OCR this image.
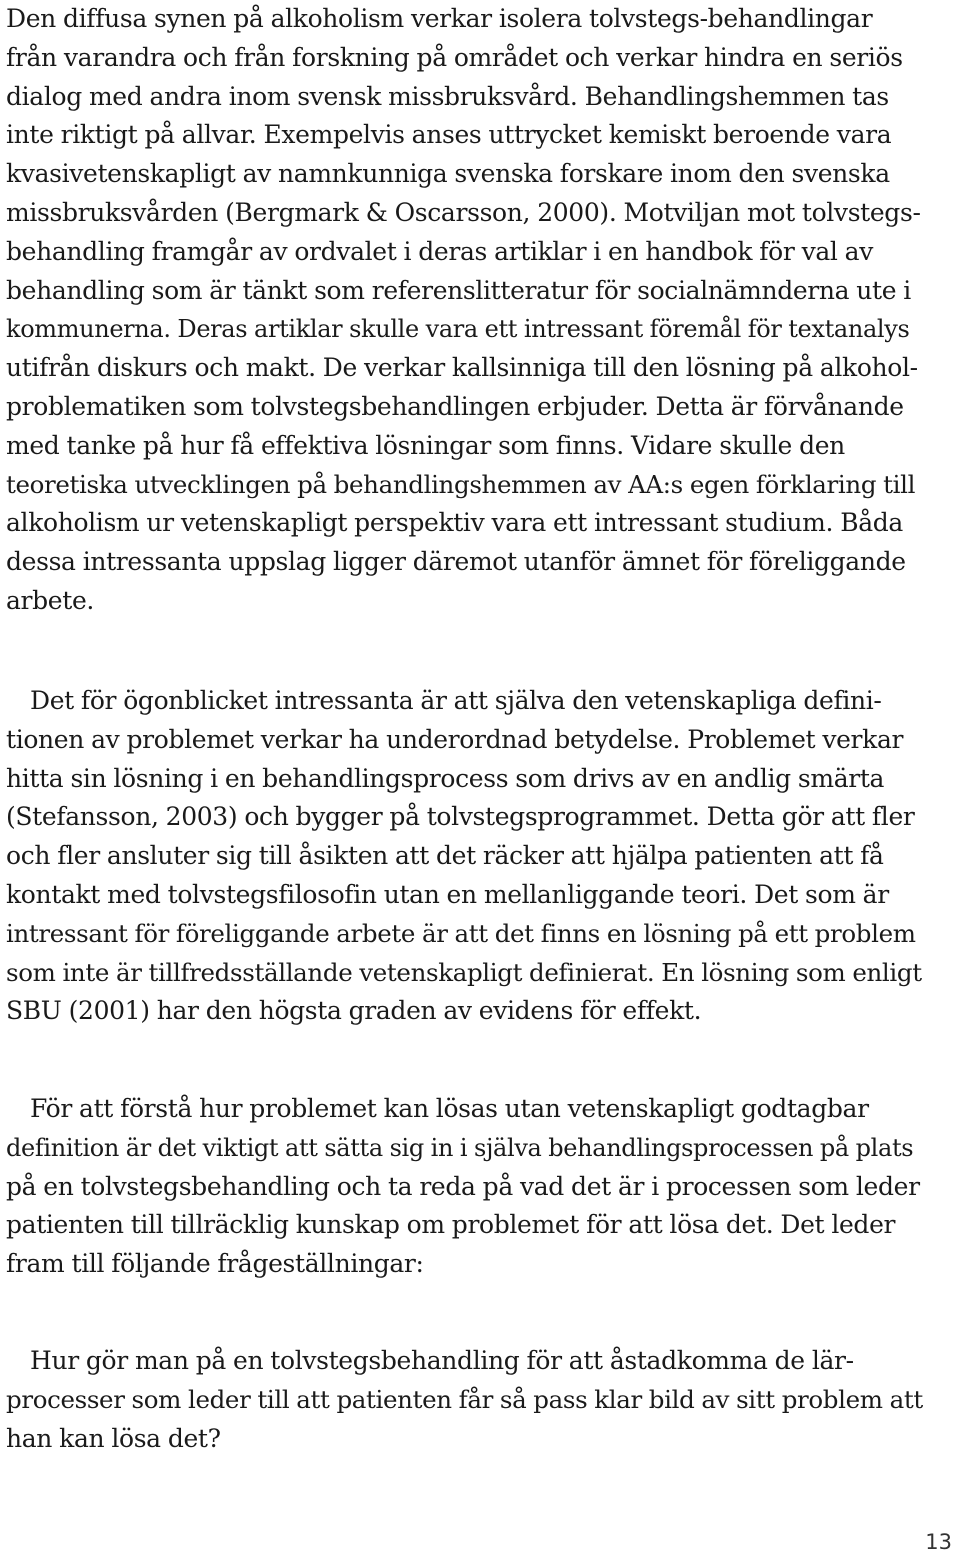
Den diffusa synen på alkoholism verkar isolera tolvstegs-behandlingar
från varandra och från forskning på området och verkar hindra en seriös
dialog med andra inom svensk missbruksvård. Behandlingshemmen tas
inte riktigt på allvar. Exempelvis anses uttrycket kemiskt beroende vara
kvasivetenskapligt av namnkunniga svenska forskare inom den svenska
missbruksvården (Bergmark & Oscarsson, 2000). Motviljan mot tolvstegs-
behandling framgår av ordvalet i deras artiklar i en handbok för val av
behandling som är tänkt som referenslitteratur för socialnämnderna ute i
kommunerna. Deras artiklar skulle vara ett intressant föremål för textanalys
utifrån diskurs och makt. De verkar kallsinniga till den lösning på alkohol-
problematiken som tolvstegsbehandlingen erbjuder. Detta är förvånande
med tanke på hur få effektiva lösningar som finns. Vidare skulle den
teoretiska utvecklingen på behandlingshemmen av AA:s egen förklaring till
alkoholism ur vetenskapligt perspektiv vara ett intressant studium. Båda
dessa intressanta uppslag ligger däremot utanför ämnet för föreliggande
arbete.

Det för ögonblicket intressanta är att själva den vetenskapliga defini-
tionen av problemet verkar ha underordnad betydelse. Problemet verkar
hitta sin lösning i en behandlingsprocess som drivs av en andlig smärta
(Stefansson, 2003) och bygger på tolvstegsprogrammet. Detta gör att fler
och fler ansluter sig till åsikten att det räcker att hjälpa patienten att få
kontakt med tolvstegsfilosofin utan en mellanliggande teori. Det som är
intressant för föreliggande arbete är att det finns en lösning på ett problem
som inte är tillfredsställande vetenskapligt definierat. En lösning som enligt
SBU (2001) har den högsta graden av evidens för effekt.

För att förstå hur problemet kan lösas utan vetenskapligt godtagbar
definition är det viktigt att sätta sig in i själva behandlingsprocessen på plats
på en tolvstegsbehandling och ta reda på vad det är i processen som leder
patienten till tillräcklig kunskap om problemet för att lösa det. Det leder
fram till följande frågeställningar:

Hur gör man på en tolvstegsbehandling för att åstadkomma de lär-
processer som leder till att patienten får så pass klar bild av sitt problem att
han kan lösa det?

13
